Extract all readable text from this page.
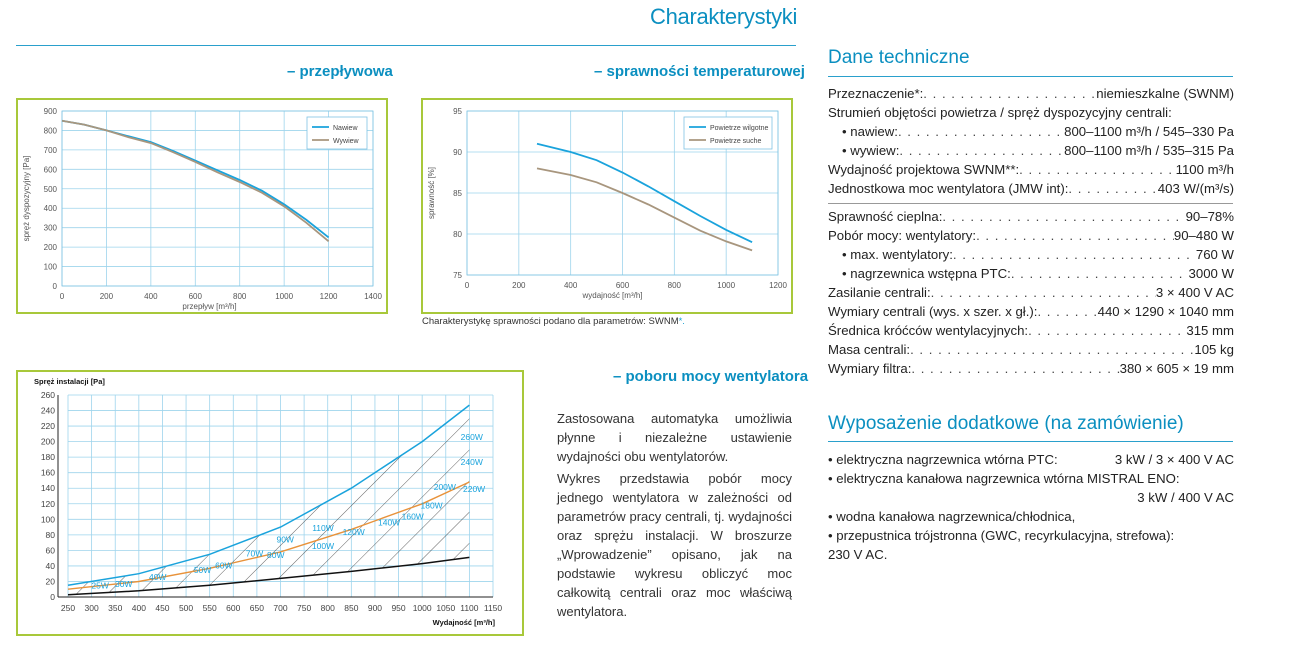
Charakterystyki
– przepływowa	– sprawności temperaturowej
– poboru mocy wentylatora
0	200	400	600	800	1000	1200	1400
0
100
200
300
400
500
600
700
800
900
przepływ [m³/h]
spręż dyspozycyjny [Pa]
Nawiew
Wywiew
0	200	400	600	800	1000	1200
75
80
85
90
95
wydajność [m³/h]
sprawność [%]
Powietrze wilgotne
Powietrze suche
Charakterystykę sprawności podano dla parametrów: SWNM*.
250 300 350 400 450 500 550 600 650 700 750 800 850 900 950 1000 1050 1100 1150
0
20
40
60
80
100
120
140
160
180
200
220
240
260
Spręż instalacji [Pa]
Wydajność [m³/h]
25W 30W
40W
50W 60W
70W 80W
90W
100W
110W 120W
140W
160W
180W
200W 220W
240W
260W

Zastosowana automatyka umożliwia płynne i niezależne ustawienie wydajności obu wentylatorów.

Wykres przedstawia pobór mocy jednego wentylatora w zależności od parametrów pracy centrali, tj. wydajności oraz sprężu instalacji. W broszurze „Wprowadzenie” opisano, jak na podstawie wykresu obliczyć moc całkowitą centrali oraz moc właściwą wentylatora.

Dane techniczne
Przeznaczenie*: . . .	niemieszkalne (SWNM)
Strumień objętości powietrza / spręż dyspozycyjny centrali:
• nawiew: . . .	800–1100 m³/h / 545–330 Pa
• wywiew: . . .	800–1100 m³/h / 535–315 Pa
Wydajność projektowa SWNM**: . . .	1100 m³/h
Jednostkowa moc wentylatora (JMW int): . . .	403 W/(m³/s)
Sprawność cieplna: . . .	90–78%
Pobór mocy: wentylatory: . . .	90–480 W
• max. wentylatory: . . .	760 W
• nagrzewnica wstępna PTC: . . .	3000 W
Zasilanie centrali: . . .	3 × 400 V AC
Wymiary centrali (wys. x szer. x gł.): . . .	440 × 1290 × 1040 mm
Średnica króćców wentylacyjnych: . . .	315 mm
Masa centrali: . . .	105 kg
Wymiary filtra: . . .	380 × 605 × 19 mm
Wyposażenie dodatkowe (na zamówienie)
• elektryczna nagrzewnica wtórna PTC:	3 kW / 3 × 400 V AC
• elektryczna kanałowa nagrzewnica wtórna MISTRAL ENO:
3 kW / 400 V AC
• wodna kanałowa nagrzewnica/chłodnica,
• przepustnica trójstronna (GWC, recyrkulacyjna, strefowa):
230 V AC.
